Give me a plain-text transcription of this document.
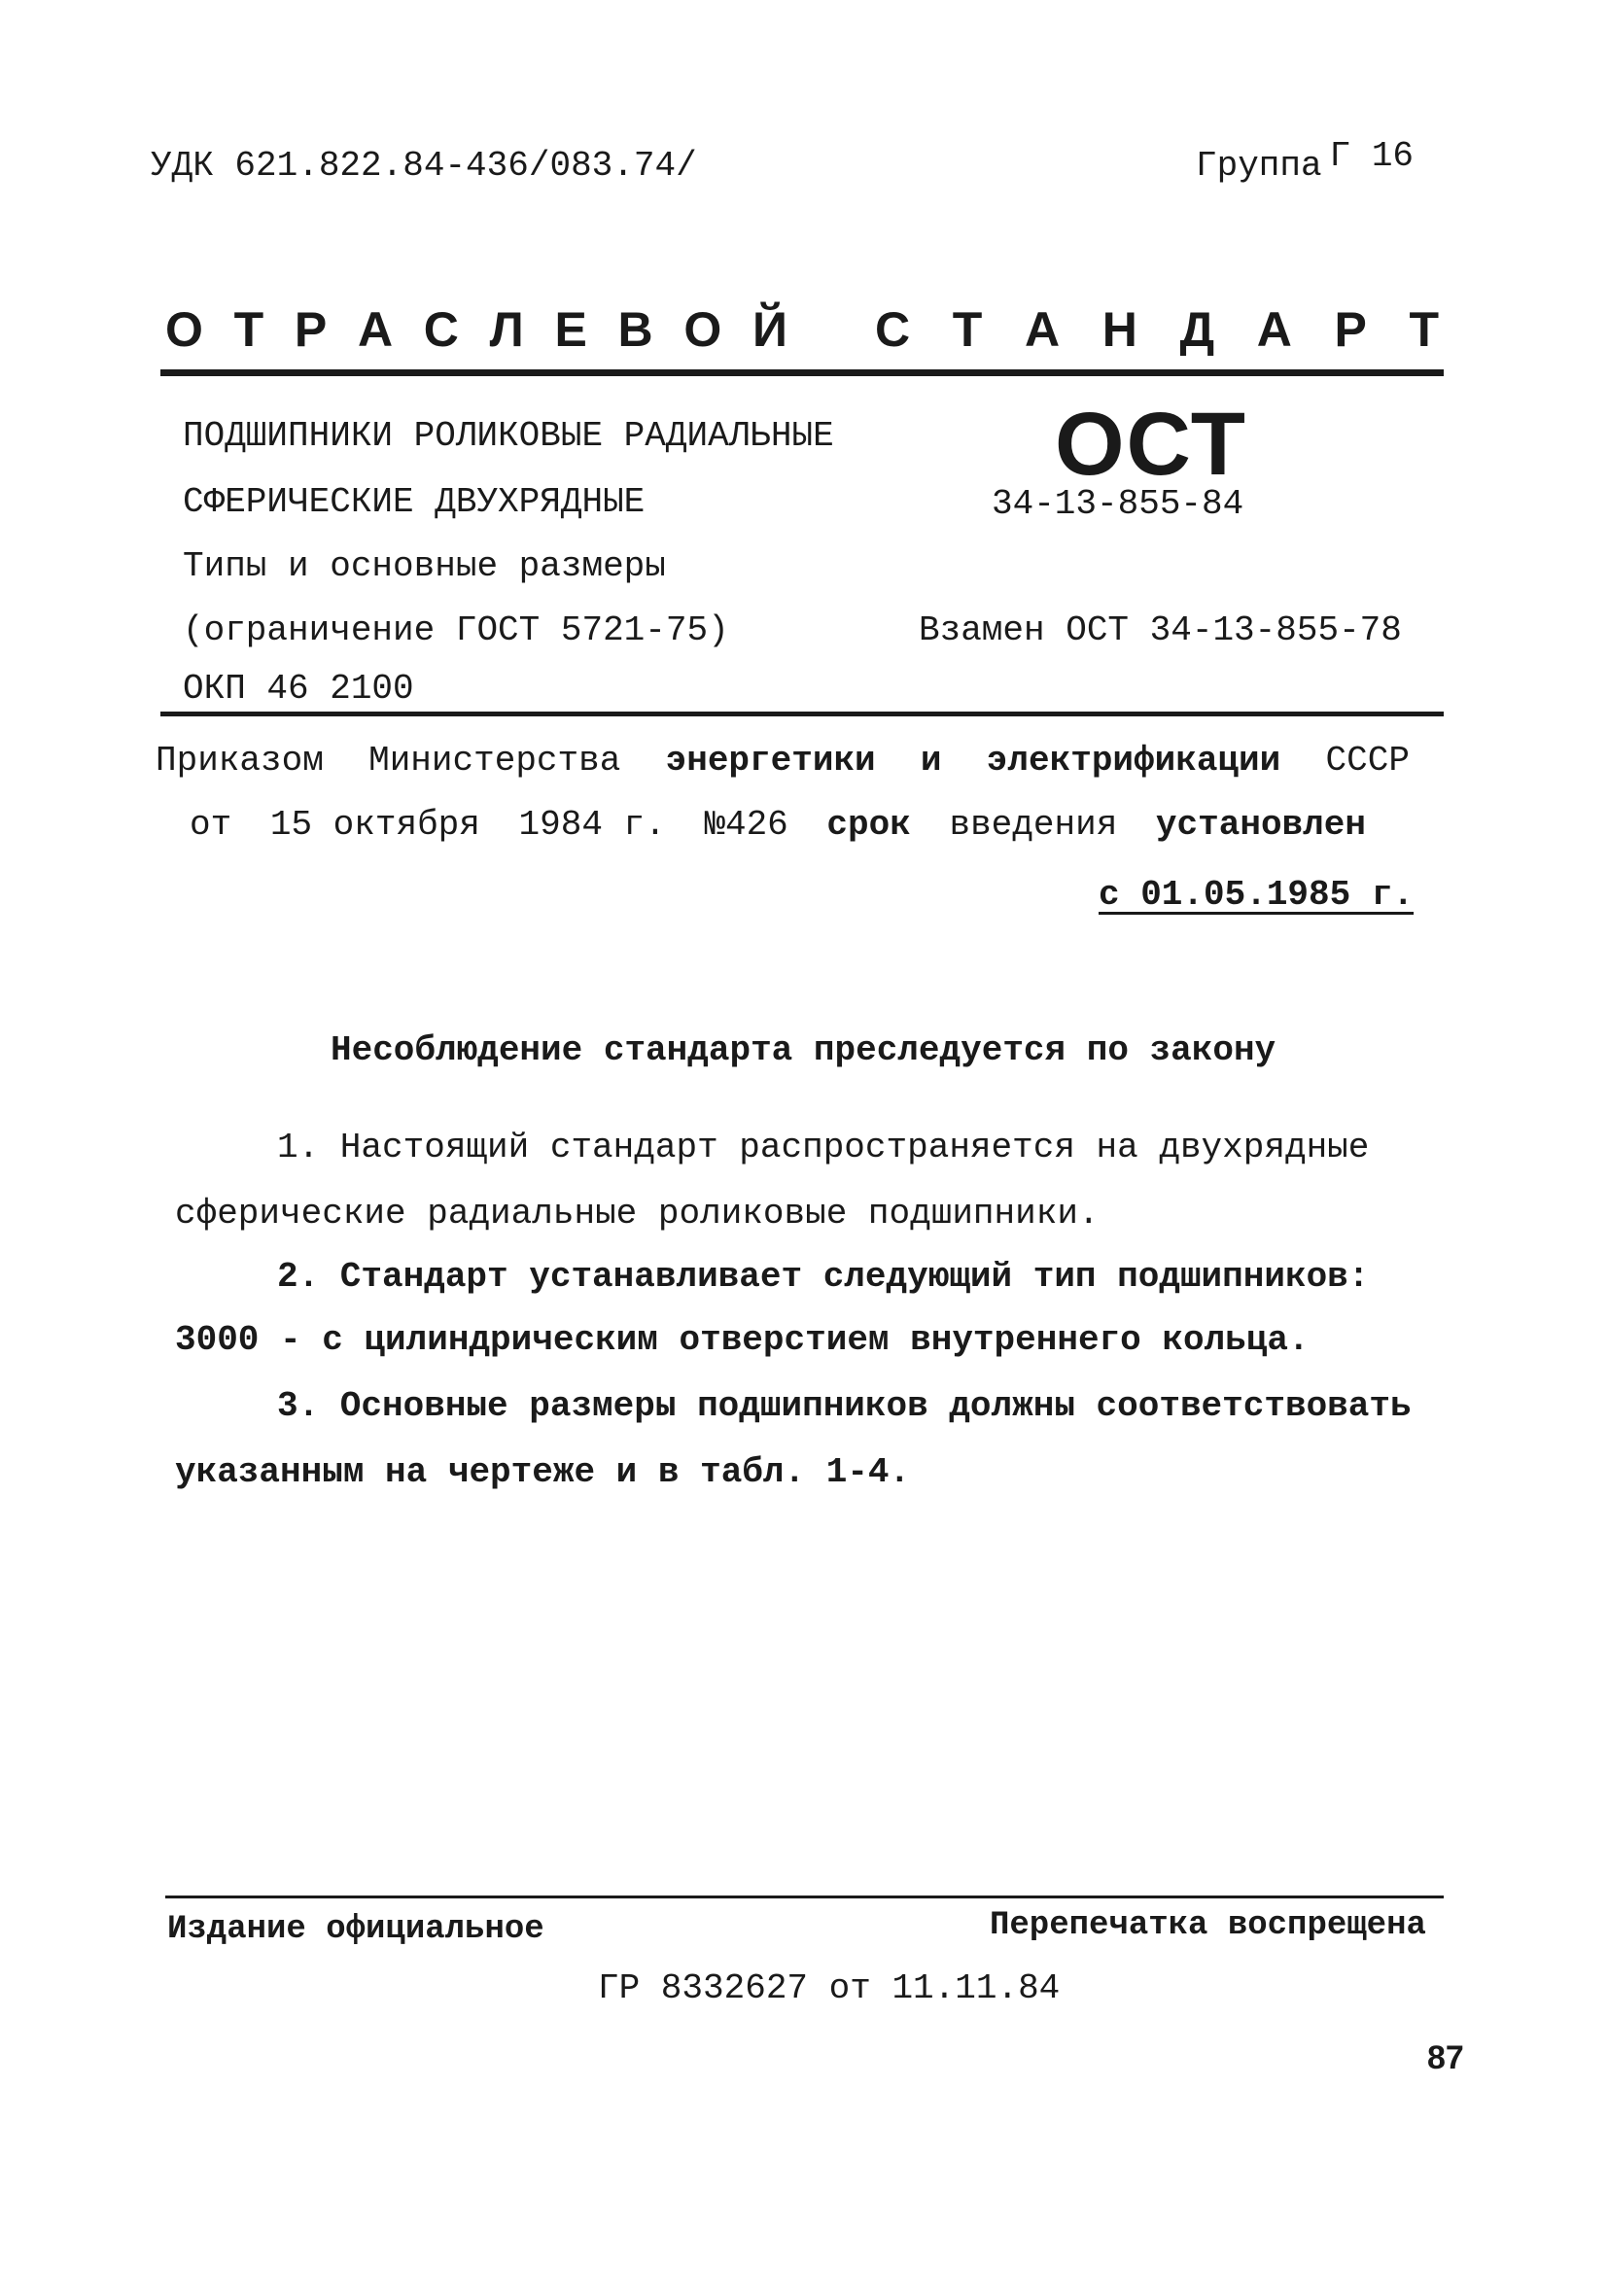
УДК 621.822.84-436/083.74/	Группа Г 16
О Т Р А С Л Е В О Й С Т А Н Д А Р Т
ПОДШИПНИКИ РОЛИКОВЫЕ РАДИАЛЬНЫЕ
СФЕРИЧЕСКИЕ ДВУХРЯДНЫЕ
Типы и основные размеры
(ограничение ГОСТ 5721-75)
ОКП 46 2100
ОСТ
34-13-855-84
Взамен ОСТ 34-13-855-78
Приказом Министерства энергетики и электрификации СССР
от 15 октября 1984 г. №426 срок введения установлен
с 01.05.1985 г.
Несоблюдение стандарта преследуется по закону
1. Настоящий стандарт распространяется на двухрядные
сферические радиальные роликовые подшипники.
2. Стандарт устанавливает следующий тип подшипников:
3000 - с цилиндрическим отверстием внутреннего кольца.
3. Основные размеры подшипников должны соответствовать
указанным на чертеже и в табл. 1-4.
Издание официальное	Перепечатка воспрещена
ГР 8332627 от 11.11.84
87
